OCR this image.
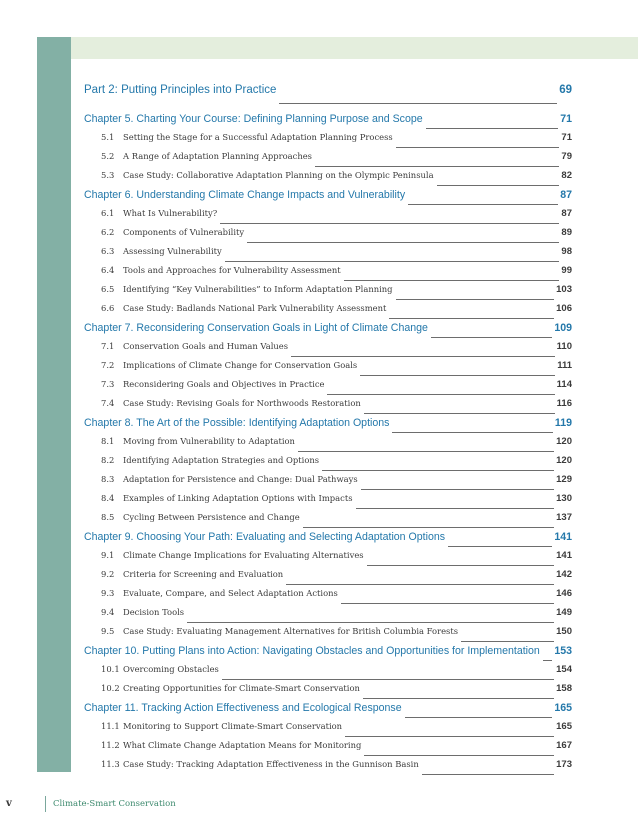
Part 2: Putting Principles into Practice	69
Chapter 5. Charting Your Course: Defining Planning Purpose and Scope	71
5.1	Setting the Stage for a Successful Adaptation Planning Process	71
5.2	A Range of Adaptation Planning Approaches	79
5.3	Case Study: Collaborative Adaptation Planning on the Olympic Peninsula	82
Chapter 6. Understanding Climate Change Impacts and Vulnerability	87
6.1	What Is Vulnerability?	87
6.2	Components of Vulnerability	89
6.3	Assessing Vulnerability	98
6.4	Tools and Approaches for Vulnerability Assessment	99
6.5	Identifying “Key Vulnerabilities” to Inform Adaptation Planning	103
6.6	Case Study: Badlands National Park Vulnerability Assessment	106
Chapter 7. Reconsidering Conservation Goals in Light of Climate Change	109
7.1	Conservation Goals and Human Values	110
7.2	Implications of Climate Change for Conservation Goals	111
7.3	Reconsidering Goals and Objectives in Practice	114
7.4	Case Study: Revising Goals for Northwoods Restoration	116
Chapter 8. The Art of the Possible: Identifying Adaptation Options	119
8.1	Moving from Vulnerability to Adaptation	120
8.2	Identifying Adaptation Strategies and Options	120
8.3	Adaptation for Persistence and Change: Dual Pathways	129
8.4	Examples of Linking Adaptation Options with Impacts	130
8.5	Cycling Between Persistence and Change	137
Chapter 9. Choosing Your Path: Evaluating and Selecting Adaptation Options	141
9.1	Climate Change Implications for Evaluating Alternatives	141
9.2	Criteria for Screening and Evaluation	142
9.3	Evaluate, Compare, and Select Adaptation Actions	146
9.4	Decision Tools	149
9.5	Case Study: Evaluating Management Alternatives for British Columbia Forests	150
Chapter 10. Putting Plans into Action: Navigating Obstacles and Opportunities for Implementation 153
10.1 Overcoming Obstacles	154
10.2 Creating Opportunities for Climate-Smart Conservation	158
Chapter 11. Tracking Action Effectiveness and Ecological Response	165
11.1 Monitoring to Support Climate-Smart Conservation	165
11.2 What Climate Change Adaptation Means for Monitoring	167
11.3 Case Study: Tracking Adaptation Effectiveness in the Gunnison Basin	173
v	Climate-Smart Conservation
